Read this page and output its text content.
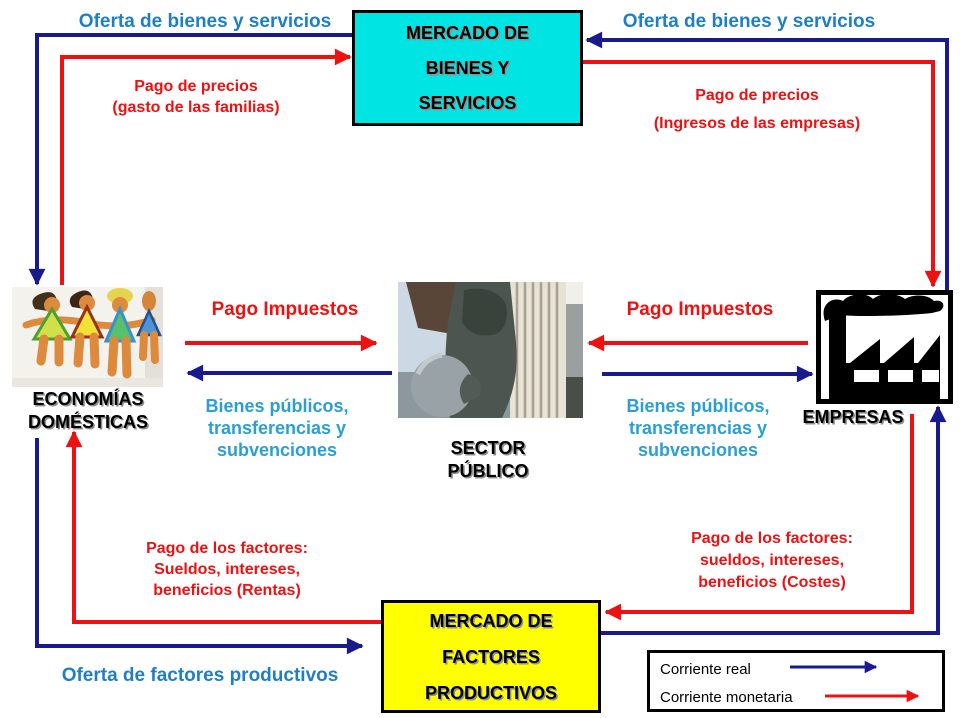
MERCADO DE
BIENES Y
SERVICIOS
MERCADO DE
FACTORES
PRODUCTIVOS
ECONOMÍAS
DOMÉSTICAS
SECTOR
PÚBLICO
EMPRESAS
Oferta de bienes y servicios	Oferta de bienes y servicios
Pago de precios
(gasto de las familias)
Pago de precios
(Ingresos de las empresas)
Pago Impuestos	Pago Impuestos
Bienes públicos,
transferencias y
subvenciones
Bienes públicos,
transferencias y
subvenciones
Pago de los factores:
Sueldos, intereses,
beneficios (Rentas)
Pago de los factores:
sueldos, intereses,
beneficios (Costes)
Oferta de factores productivos	Corriente real
Corriente monetaria
